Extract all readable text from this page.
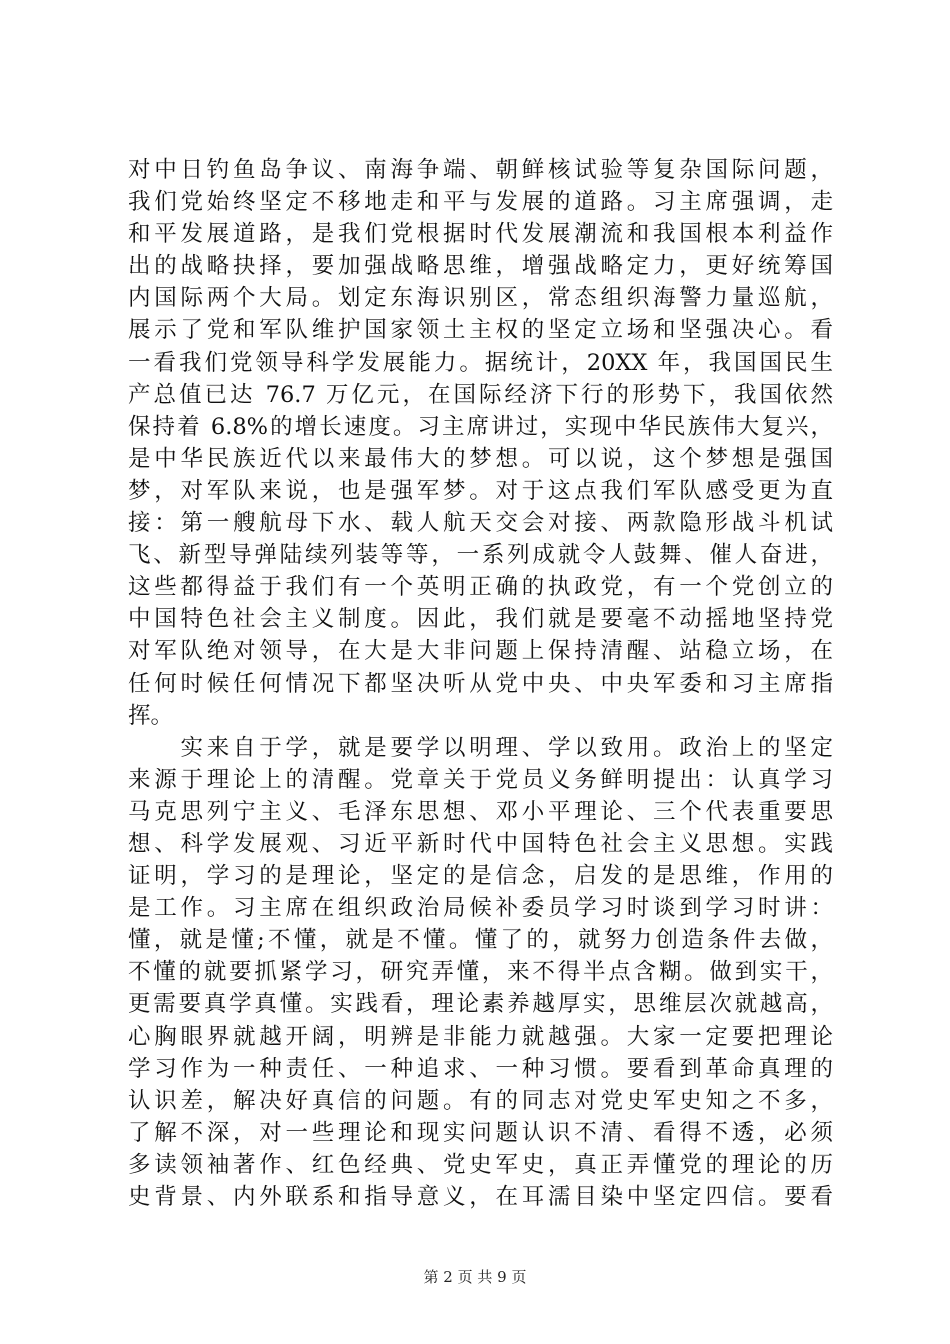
对中日钓鱼岛争议、南海争端、朝鲜核试验等复杂国际问题，
我们党始终坚定不移地走和平与发展的道路。习主席强调，走
和平发展道路，是我们党根据时代发展潮流和我国根本利益作
出的战略抉择，要加强战略思维，增强战略定力，更好统筹国
内国际两个大局。划定东海识别区，常态组织海警力量巡航，
展示了党和军队维护国家领土主权的坚定立场和坚强决心。看
一看我们党领导科学发展能力。据统计，20XX 年，我国国民生
产总值已达 76.7 万亿元，在国际经济下行的形势下，我国依然
保持着 6.8%的增长速度。习主席讲过，实现中华民族伟大复兴，
是中华民族近代以来最伟大的梦想。可以说，这个梦想是强国
梦，对军队来说，也是强军梦。对于这点我们军队感受更为直
接：第一艘航母下水、载人航天交会对接、两款隐形战斗机试
飞、新型导弹陆续列装等等，一系列成就令人鼓舞、催人奋进，
这些都得益于我们有一个英明正确的执政党，有一个党创立的
中国特色社会主义制度。因此，我们就是要毫不动摇地坚持党
对军队绝对领导，在大是大非问题上保持清醒、站稳立场，在
任何时候任何情况下都坚决听从党中央、中央军委和习主席指
挥。
　　实来自于学，就是要学以明理、学以致用。政治上的坚定
来源于理论上的清醒。党章关于党员义务鲜明提出：认真学习
马克思列宁主义、毛泽东思想、邓小平理论、三个代表重要思
想、科学发展观、习近平新时代中国特色社会主义思想。实践
证明，学习的是理论，坚定的是信念，启发的是思维，作用的
是工作。习主席在组织政治局候补委员学习时谈到学习时讲：
懂，就是懂;不懂，就是不懂。懂了的，就努力创造条件去做，
不懂的就要抓紧学习，研究弄懂，来不得半点含糊。做到实干，
更需要真学真懂。实践看，理论素养越厚实，思维层次就越高，
心胸眼界就越开阔，明辨是非能力就越强。大家一定要把理论
学习作为一种责任、一种追求、一种习惯。要看到革命真理的
认识差，解决好真信的问题。有的同志对党史军史知之不多，
了解不深，对一些理论和现实问题认识不清、看得不透，必须
多读领袖著作、红色经典、党史军史，真正弄懂党的理论的历
史背景、内外联系和指导意义，在耳濡目染中坚定四信。要看
第 2 页 共 9 页
